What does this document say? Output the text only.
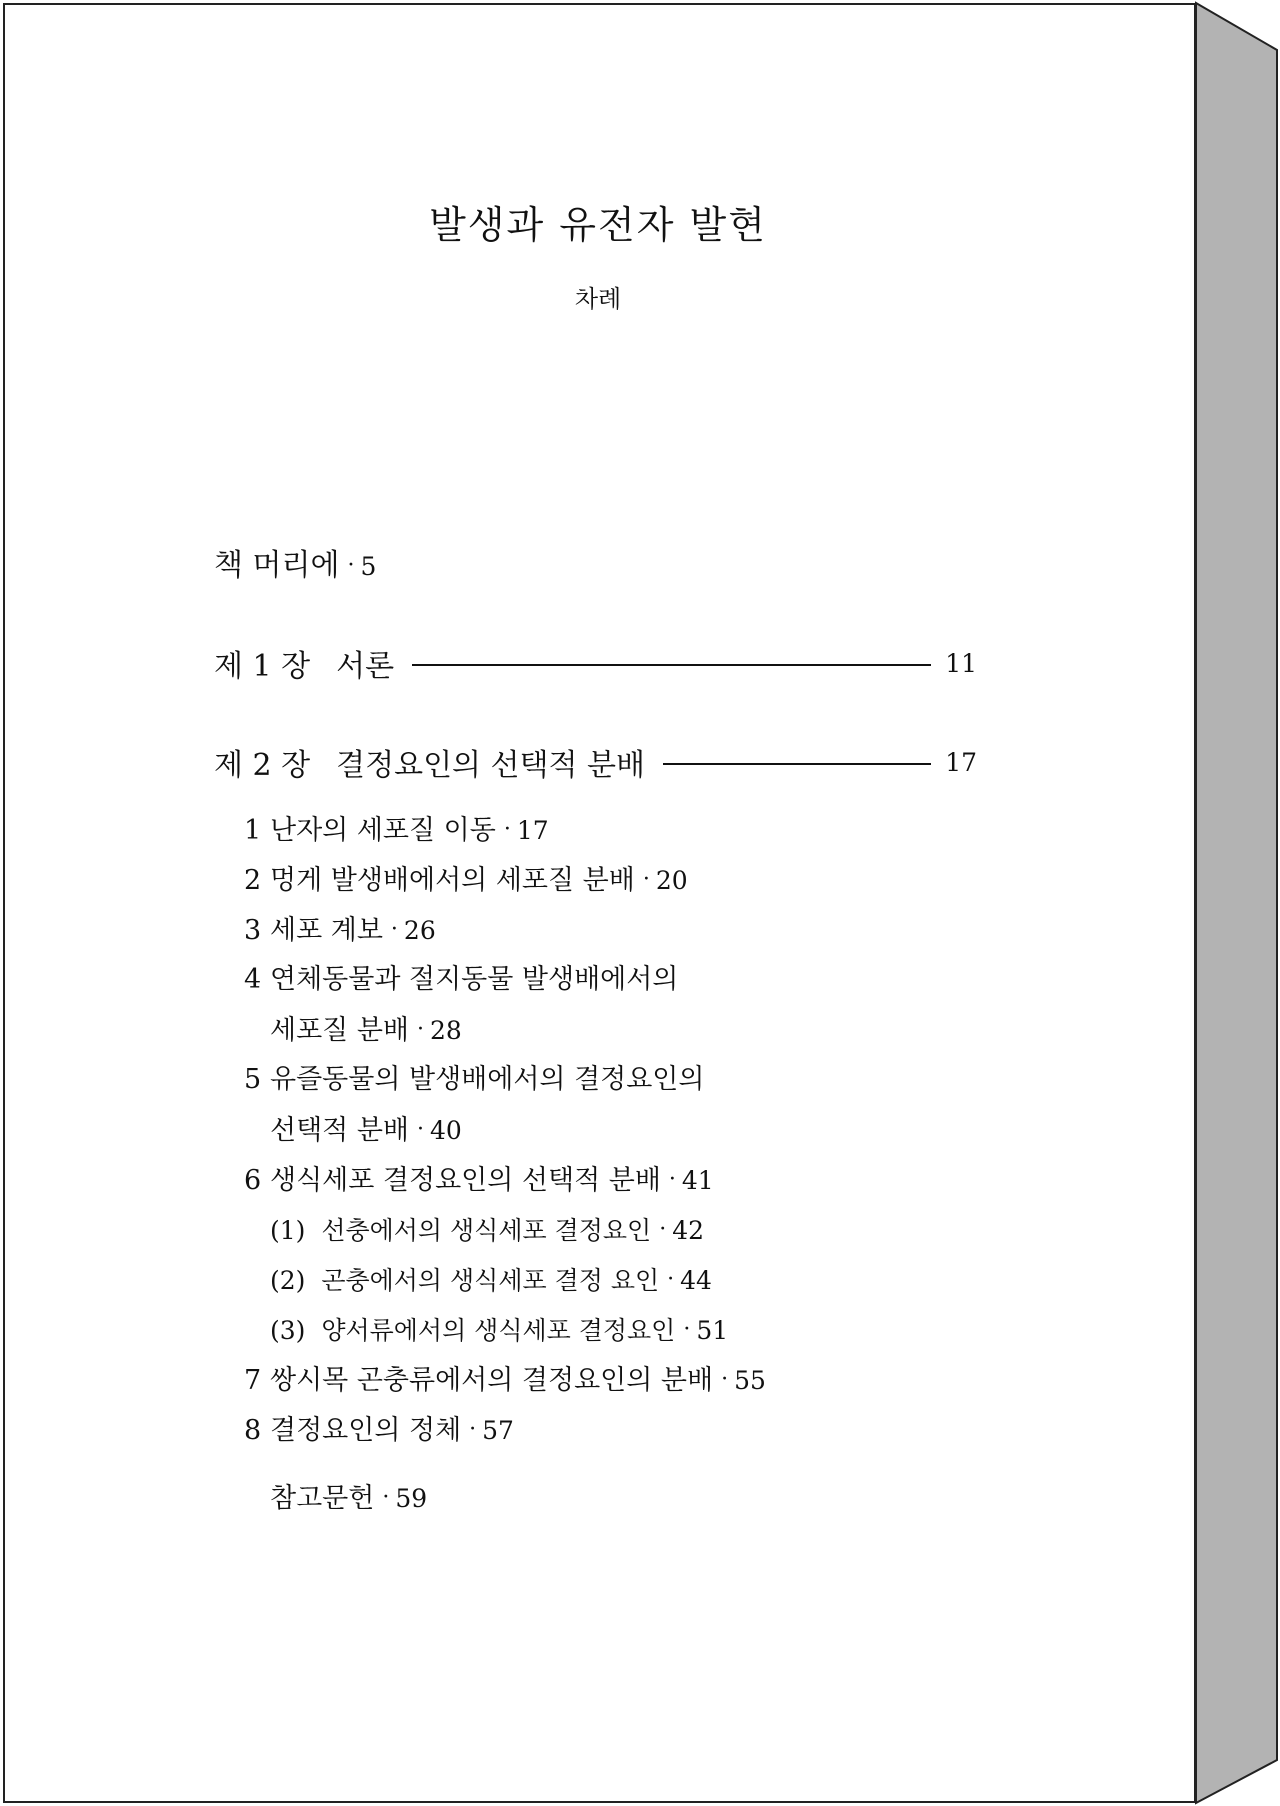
발생과 유전자 발현
차례
책 머리에 · 5
제 1 장 서론	11
제 2 장 결정요인의 선택적 분배	17
1 난자의 세포질 이동 · 17
2 멍게 발생배에서의 세포질 분배 · 20
3 세포 계보 · 26
4 연체동물과 절지동물 발생배에서의
세포질 분배 · 28
5 유즐동물의 발생배에서의 결정요인의
선택적 분배 · 40
6 생식세포 결정요인의 선택적 분배 · 41
(1) 선충에서의 생식세포 결정요인 · 42
(2) 곤충에서의 생식세포 결정 요인 · 44
(3) 양서류에서의 생식세포 결정요인 · 51
7 쌍시목 곤충류에서의 결정요인의 분배 · 55
8 결정요인의 정체 · 57
참고문헌 · 59
